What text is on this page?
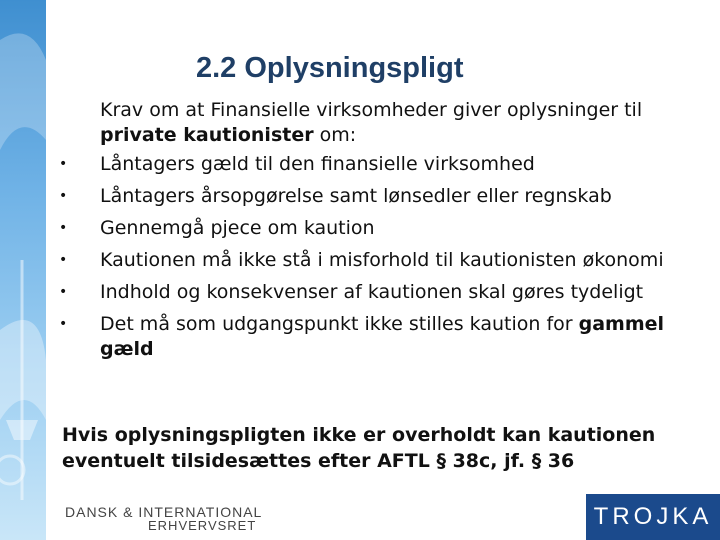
2.2 Oplysningspligt

Krav om at Finansielle virksomheder giver oplysninger til
private kautionister om:

• Låntagers gæld til den finansielle virksomhed
• Låntagers årsopgørelse samt lønsedler eller regnskab
• Gennemgå pjece om kaution
• Kautionen må ikke stå i misforhold til kautionisten økonomi
• Indhold og konsekvenser af kautionen skal gøres tydeligt
• Det må som udgangspunkt ikke stilles kaution for gammel gæld
Hvis oplysningspligten ikke er overholdt kan kautionen eventuelt tilsidesættes efter AFTL § 38c, jf. § 36
DANSK & INTERNATIONAL
ERHVERVSRET	TROJKA
